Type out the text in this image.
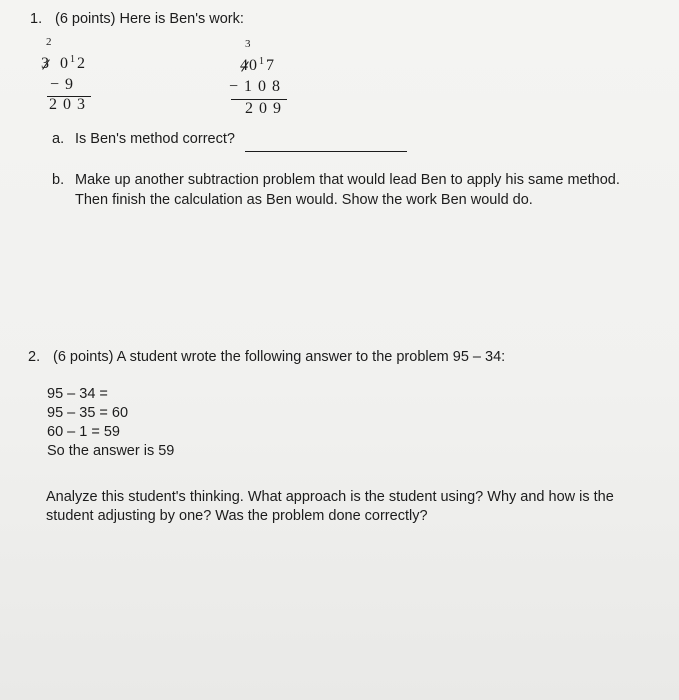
1. (6 points) Here is Ben's work:
2
3 $0^12$
− 9
2 0 3
3
$40^17$
− 1 0 8
2 0 9
a. Is Ben's method correct?
b. Make up another subtraction problem that would lead Ben to apply his same method.
Then finish the calculation as Ben would. Show the work Ben would do.
2. (6 points) A student wrote the following answer to the problem 95 – 34:
95 – 34 =
95 – 35 = 60
60 – 1 = 59
So the answer is 59
Analyze this student's thinking. What approach is the student using? Why and how is the
student adjusting by one? Was the problem done correctly?
